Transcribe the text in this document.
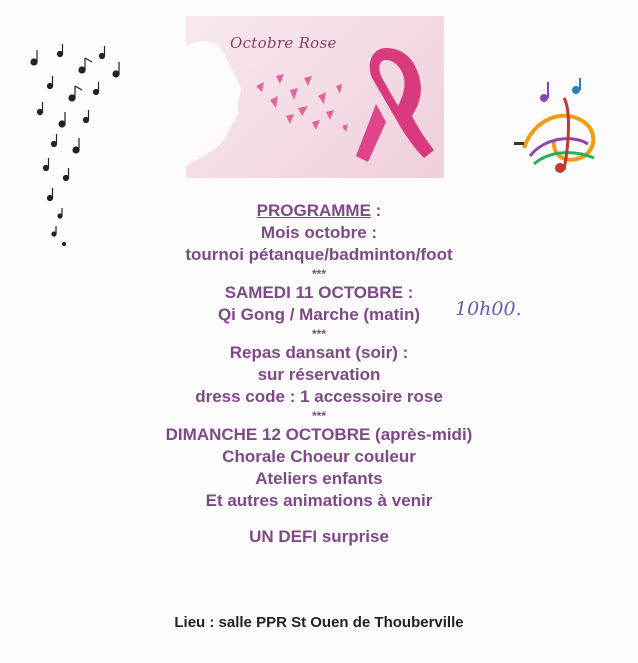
Octobre Rose
PROGRAMME :
Mois octobre :
tournoi pétanque/badminton/foot
***
SAMEDI 11 OCTOBRE :
Qi Gong / Marche (matin) 10h00.
***
Repas dansant (soir) :
sur réservation
dress code : 1 accessoire rose
***
DIMANCHE 12 OCTOBRE (après-midi)
Chorale Choeur couleur
Ateliers enfants
Et autres animations à venir
UN DEFI surprise
Lieu : salle PPR St Ouen de Thouberville
